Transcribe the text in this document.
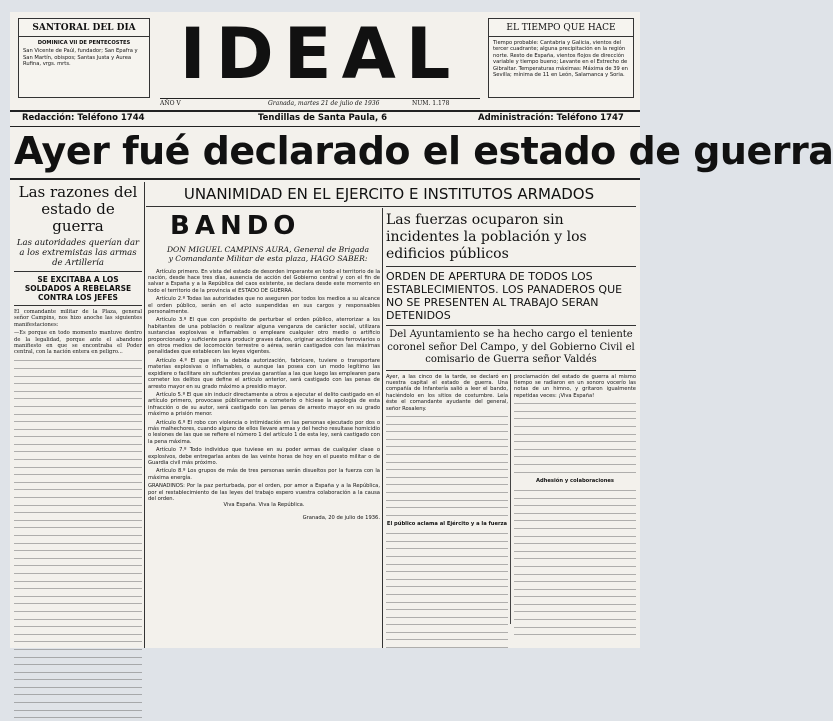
SANTORAL DEL DIA
DOMINICA VII DE PENTECOSTES
San Vicente de Paúl, fundador; San Epafra y San Martín, obispos; Santas Justa y Aurea Rufina, vrgs. mrts.	IDEAL	EL TIEMPO QUE HACE
Tiempo probable: Cantabria y Galicia, vientos del tercer cuadrante; alguna precipitación en la región norte. Resto de España, vientos flojos de dirección variable y tiempo bueno; Levante en el Estrecho de Gibraltar. Temperaturas máximas: Máxima de 39 en Sevilla; mínima de 11 en León, Salamanca y Soria.
AÑO V	Granada, martes 21 de julio de 1936	NUM. 1.178
Redacción: Teléfono 1744	Tendillas de Santa Paula, 6	Administración: Teléfono 1747
Ayer fué declarado el estado de guerra
Las razones del estado de guerra
Las autoridades querían dar a los extremistas las armas de Artillería
SE EXCITABA A LOS SOLDADOS A REBELARSE CONTRA LOS JEFES
El comandante militar de la Plaza, general señor Campins, nos hizo anoche las siguientes manifestaciones:
—Es porque en todo momento mantuve dentro de la legalidad, porque ante el abandono manifiesto en que se encontraba el Poder central, con la nación entera en peligro...
UNANIMIDAD EN EL EJERCITO E INSTITUTOS ARMADOS
BANDO
DON MIGUEL CAMPINS AURA, General de Brigada y Comandante Militar de esta plaza, HAGO SABER:
Artículo primero. En vista del estado de desorden imperante en todo el territorio de la nación, desde hace tres días, ausencia de acción del Gobierno central y con el fin de salvar a España y a la República del caos existente, se declara desde este momento en todo el territorio de la provincia el ESTADO DE GUERRA.
Artículo 2.º Todas las autoridades que no aseguren por todos los medios a su alcance el orden público, serán en el acto suspendidas en sus cargos y responsables personalmente.
Artículo 3.º El que con propósito de perturbar el orden público, aterrorizar a los habitantes de una población o realizar alguna venganza de carácter social, utilizara sustancias explosivas e inflamables o empleare cualquier otro medio o artificio proporcionado y suficiente para producir graves daños, originar accidentes ferroviarios o en otros medios de locomoción terrestre o aérea, serán castigados con las máximas penalidades que establecen las leyes vigentes.
Artículo 4.º El que sin la debida autorización, fabricare, tuviere o transportare materias explosivas o inflamables, o aunque las posea con un modo legítimo las expidiere o facilitare sin suficientes previas garantías a las que luego las emplearen para cometer los delitos que define el artículo anterior, será castigado con las penas de arresto mayor en su grado máximo a presidio mayor.
Artículo 5.º El que sin inducir directamente a otros a ejecutar el delito castigado en el artículo primero, provocase públicamente a cometerlo o hiciese la apología de esta infracción o de su autor, será castigado con las penas de arresto mayor en su grado máximo a prisión menor.
Artículo 6.º El robo con violencia o intimidación en las personas ejecutado por dos o más malhechores, cuando alguno de ellos llevare armas y del hecho resultase homicidio o lesiones de las que se refiere el número 1 del artículo 1 de esta ley, será castigado con la pena máxima.
Artículo 7.º Todo individuo que tuviese en su poder armas de cualquier clase o explosivos, debe entregarlas antes de las veinte horas de hoy en el puesto militar o de Guardia civil más próximo.
Artículo 8.º Los grupos de más de tres personas serán disueltos por la fuerza con la máxima energía.
GRANADINOS: Por la paz perturbada, por el orden, por amor a España y a la República, por el restablecimiento de las leyes del trabajo espero vuestra colaboración a la causa del orden.
Viva España. Viva la República.
Granada, 20 de julio de 1936.
Las fuerzas ocuparon sin incidentes la población y los edificios públicos
ORDEN DE APERTURA DE TODOS LOS ESTABLECIMIENTOS. LOS PANADEROS QUE NO SE PRESENTEN AL TRABAJO SERAN DETENIDOS
Del Ayuntamiento se ha hecho cargo el teniente coronel señor Del Campo, y del Gobierno Civil el comisario de Guerra señor Valdés
Ayer, a las cinco de la tarde, se declaró en nuestra capital el estado de guerra. Una compañía de Infantería salió a leer el bando, haciéndolo en los sitios de costumbre. Leía éste el comandante ayudante del general, señor Rosaleny.
El público aclama al Ejército y a la fuerza
proclamación del estado de guerra al mismo tiempo se radiaron en un sonoro vocerío las notas de un himno, y gritaron igualmente repetidas veces: ¡Viva España!
Adhesión y colaboraciones
